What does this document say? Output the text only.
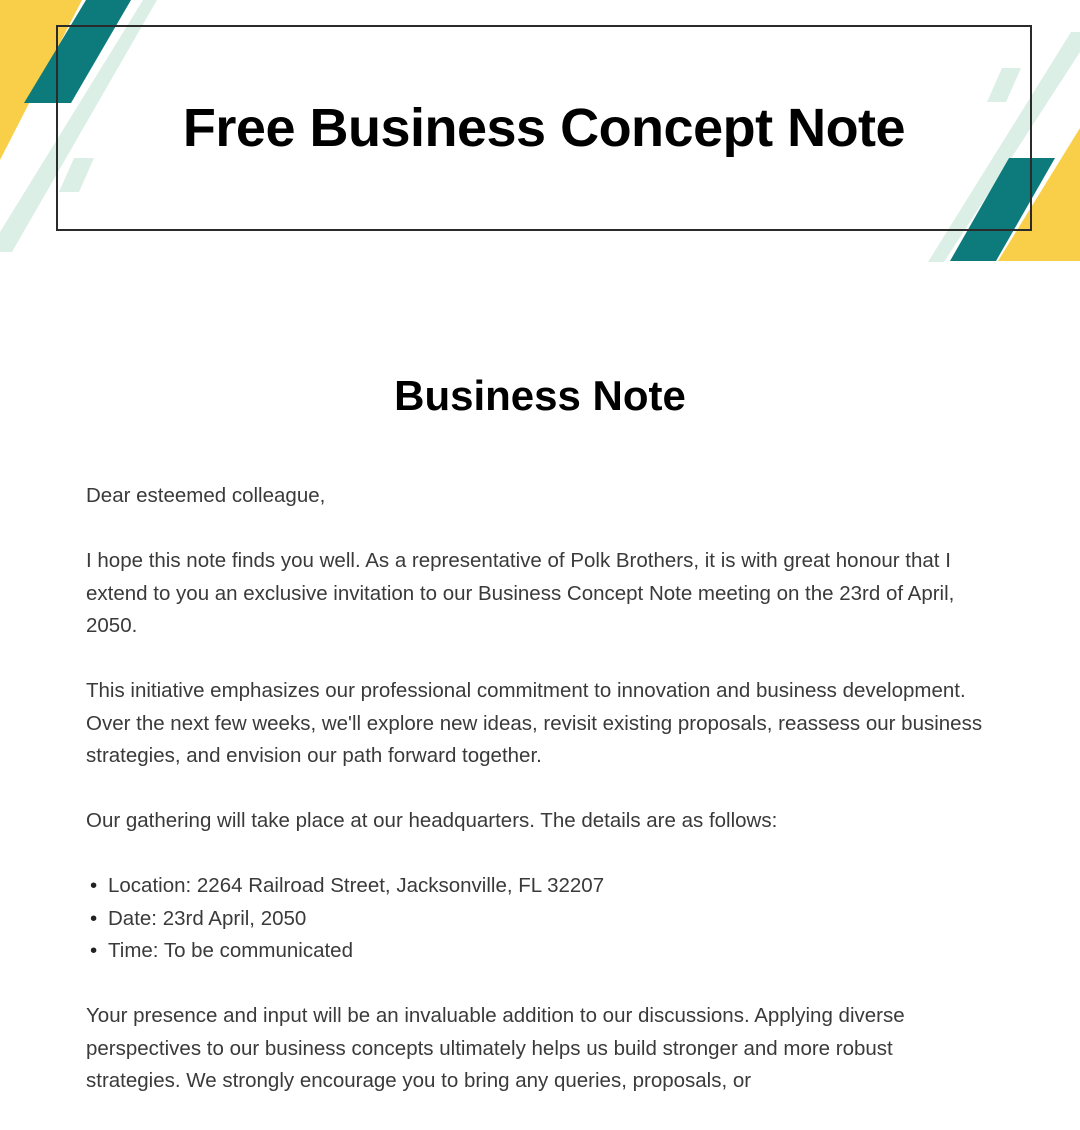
Free Business Concept Note
Business Note

Dear esteemed colleague,

I hope this note finds you well. As a representative of Polk Brothers, it is with great honour that I extend to you an exclusive invitation to our Business Concept Note meeting on the 23rd of April, 2050.

This initiative emphasizes our professional commitment to innovation and business development. Over the next few weeks, we'll explore new ideas, revisit existing proposals, reassess our business strategies, and envision our path forward together.

Our gathering will take place at our headquarters. The details are as follows:

• Location: 2264 Railroad Street, Jacksonville, FL 32207
• Date: 23rd April, 2050
• Time: To be communicated

Your presence and input will be an invaluable addition to our discussions. Applying diverse perspectives to our business concepts ultimately helps us build stronger and more robust strategies. We strongly encourage you to bring any queries, proposals, or
